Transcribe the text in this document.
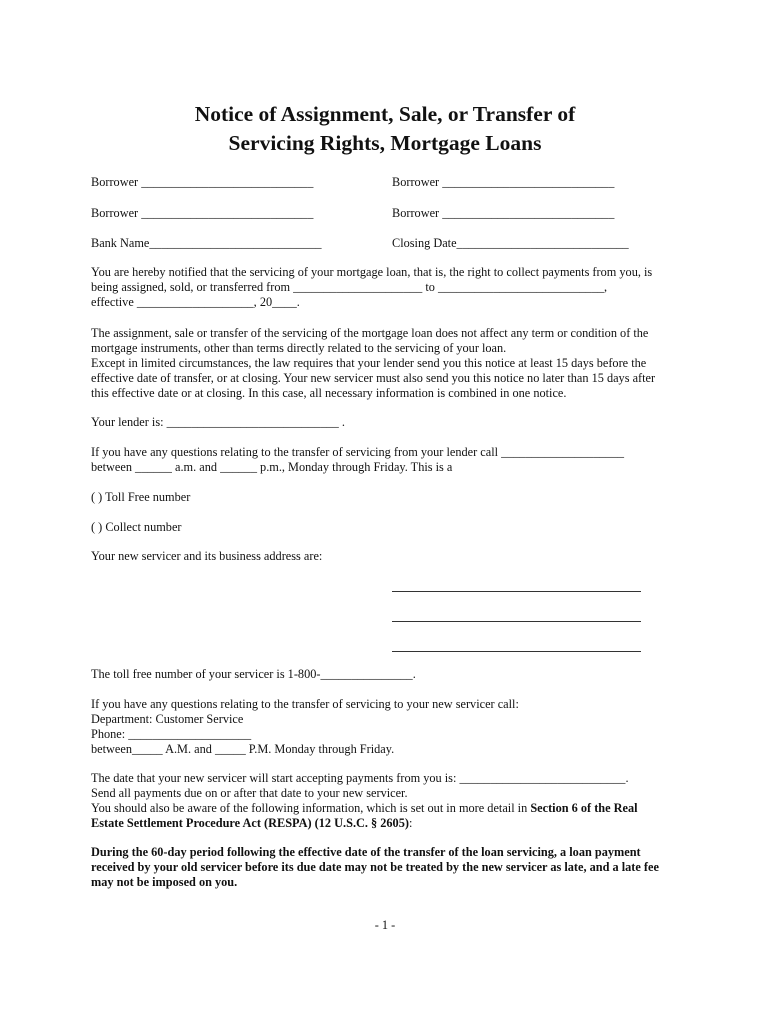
Notice of Assignment, Sale, or Transfer of
Servicing Rights, Mortgage Loans
Borrower ____________________________	Borrower ____________________________
Borrower ____________________________	Borrower ____________________________
Bank Name____________________________	Closing Date____________________________
You are hereby notified that the servicing of your mortgage loan, that is, the right to collect payments from you, is
being assigned, sold, or transferred from _____________________ to ___________________________,
effective ___________________, 20____.
The assignment, sale or transfer of the servicing of the mortgage loan does not affect any term or condition of the
mortgage instruments, other than terms directly related to the servicing of your loan.
Except in limited circumstances, the law requires that your lender send you this notice at least 15 days before the
effective date of transfer, or at closing. Your new servicer must also send you this notice no later than 15 days after
this effective date or at closing. In this case, all necessary information is combined in one notice.
Your lender is: ____________________________ .
If you have any questions relating to the transfer of servicing from your lender call ____________________
between ______ a.m. and ______ p.m., Monday through Friday. This is a
( ) Toll Free number
( ) Collect number
Your new servicer and its business address are:
The toll free number of your servicer is 1-800-_______________.
If you have any questions relating to the transfer of servicing to your new servicer call:
Department: Customer Service
Phone: ____________________
between_____ A.M. and _____ P.M. Monday through Friday.
The date that your new servicer will start accepting payments from you is: ___________________________.
Send all payments due on or after that date to your new servicer.
You should also be aware of the following information, which is set out in more detail in Section 6 of the Real
Estate Settlement Procedure Act (RESPA) (12 U.S.C. § 2605):
During the 60-day period following the effective date of the transfer of the loan servicing, a loan payment
received by your old servicer before its due date may not be treated by the new servicer as late, and a late fee
may not be imposed on you.
- 1 -
